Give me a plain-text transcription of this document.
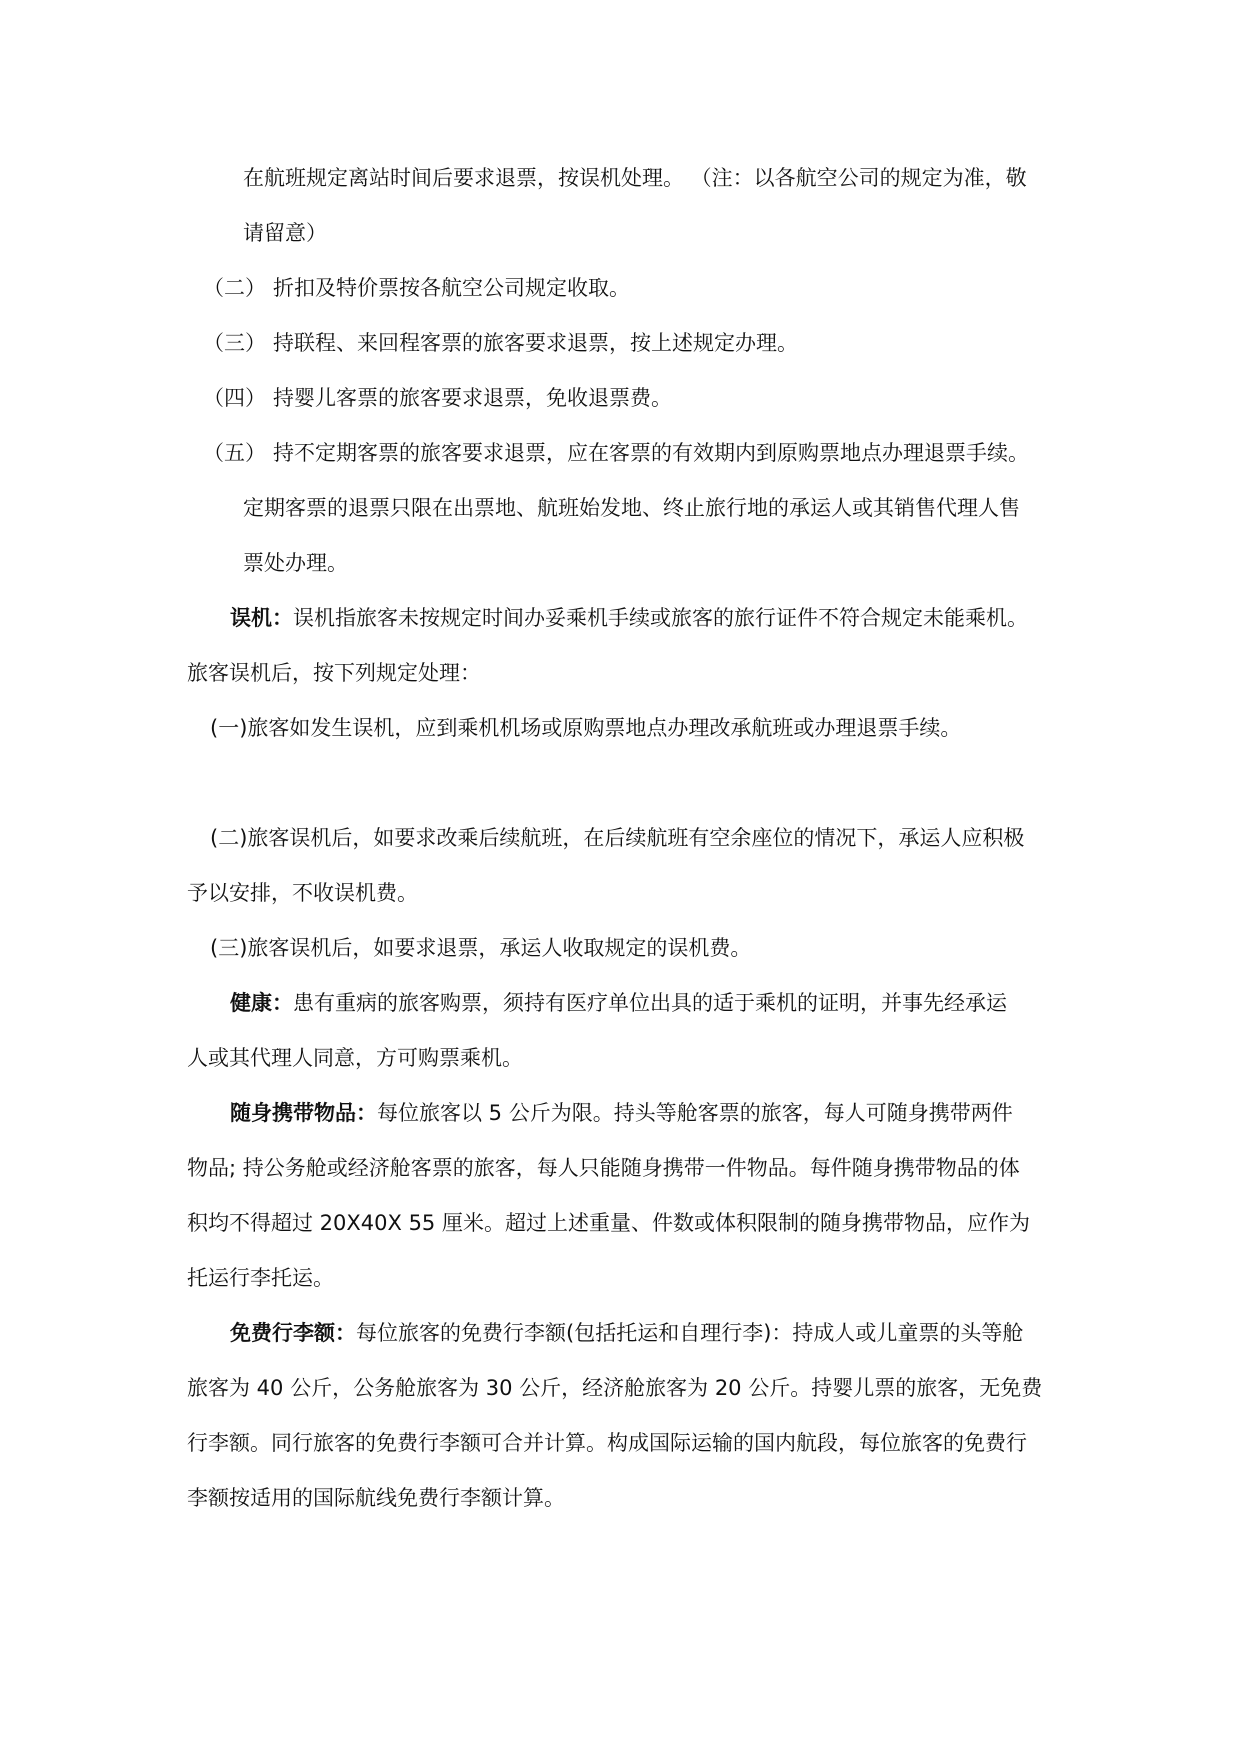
在航班规定离站时间后要求退票，按误机处理。 （注：以各航空公司的规定为准，敬
请留意）
（二） 折扣及特价票按各航空公司规定收取。
（三） 持联程、来回程客票的旅客要求退票，按上述规定办理。
（四） 持婴儿客票的旅客要求退票，免收退票费。
（五） 持不定期客票的旅客要求退票，应在客票的有效期内到原购票地点办理退票手续。
定期客票的退票只限在出票地、航班始发地、终止旅行地的承运人或其销售代理人售
票处办理。
误机：误机指旅客未按规定时间办妥乘机手续或旅客的旅行证件不符合规定未能乘机。
旅客误机后，按下列规定处理：
(一)旅客如发生误机，应到乘机机场或原购票地点办理改承航班或办理退票手续。
(二)旅客误机后，如要求改乘后续航班，在后续航班有空余座位的情况下，承运人应积极
予以安排，不收误机费。
(三)旅客误机后，如要求退票，承运人收取规定的误机费。
健康：患有重病的旅客购票，须持有医疗单位出具的适于乘机的证明，并事先经承运
人或其代理人同意，方可购票乘机。
随身携带物品：每位旅客以 5 公斤为限。持头等舱客票的旅客，每人可随身携带两件
物品; 持公务舱或经济舱客票的旅客，每人只能随身携带一件物品。每件随身携带物品的体
积均不得超过 20X40X 55 厘米。超过上述重量、件数或体积限制的随身携带物品，应作为
托运行李托运。
免费行李额：每位旅客的免费行李额(包括托运和自理行李)：持成人或儿童票的头等舱
旅客为 40 公斤，公务舱旅客为 30 公斤，经济舱旅客为 20 公斤。持婴儿票的旅客，无免费
行李额。同行旅客的免费行李额可合并计算。构成国际运输的国内航段，每位旅客的免费行
李额按适用的国际航线免费行李额计算。
